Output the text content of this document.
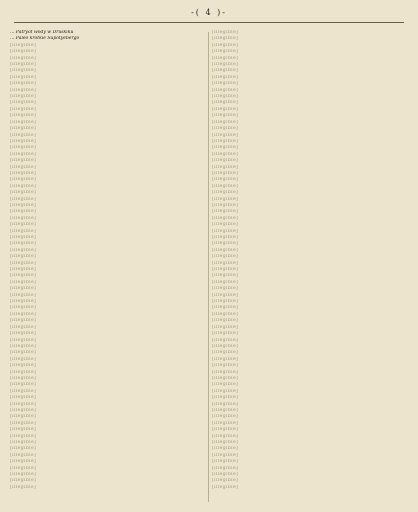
-( 4 )-

… Patryot wody w Druskiku

… Paleo krotkie Supotyebergo

[illegible]

[illegible]

[illegible]

[illegible]

[illegible]

[illegible]

[illegible]

[illegible]

[illegible]

[illegible]

[illegible]

[illegible]

[illegible]

[illegible]

[illegible]

[illegible]

[illegible]

[illegible]

[illegible]

[illegible]

[illegible]

[illegible]

[illegible]

[illegible]

[illegible]

[illegible]

[illegible]

[illegible]

[illegible]

[illegible]

[illegible]

[illegible]

[illegible]

[illegible]

[illegible]

[illegible]

[illegible]

[illegible]

[illegible]

[illegible]

[illegible]

[illegible]

[illegible]

[illegible]

[illegible]

[illegible]

[illegible]

[illegible]

[illegible]

[illegible]

[illegible]

[illegible]

[illegible]

[illegible]

[illegible]

[illegible]

[illegible]

[illegible]

[illegible]

[illegible]

[illegible]

[illegible]

[illegible]

[illegible]

[illegible]

[illegible]

[illegible]

[illegible]

[illegible]

[illegible]

[illegible]

[illegible]

[illegible]

[illegible]

[illegible]

[illegible]

[illegible]

[illegible]

[illegible]

[illegible]

[illegible]

[illegible]

[illegible]

[illegible]

[illegible]

[illegible]

[illegible]

[illegible]

[illegible]

[illegible]

[illegible]

[illegible]

[illegible]

[illegible]

[illegible]

[illegible]

[illegible]

[illegible]

[illegible]

[illegible]

[illegible]

[illegible]

[illegible]

[illegible]

[illegible]

[illegible]

[illegible]

[illegible]

[illegible]

[illegible]

[illegible]

[illegible]

[illegible]

[illegible]

[illegible]

[illegible]

[illegible]

[illegible]

[illegible]

[illegible]

[illegible]

[illegible]

[illegible]

[illegible]

[illegible]

[illegible]

[illegible]

[illegible]

[illegible]

[illegible]

[illegible]

[illegible]

[illegible]

[illegible]

[illegible]

[illegible]

[illegible]

[illegible]

[illegible]

[illegible]

[illegible]

[illegible]
